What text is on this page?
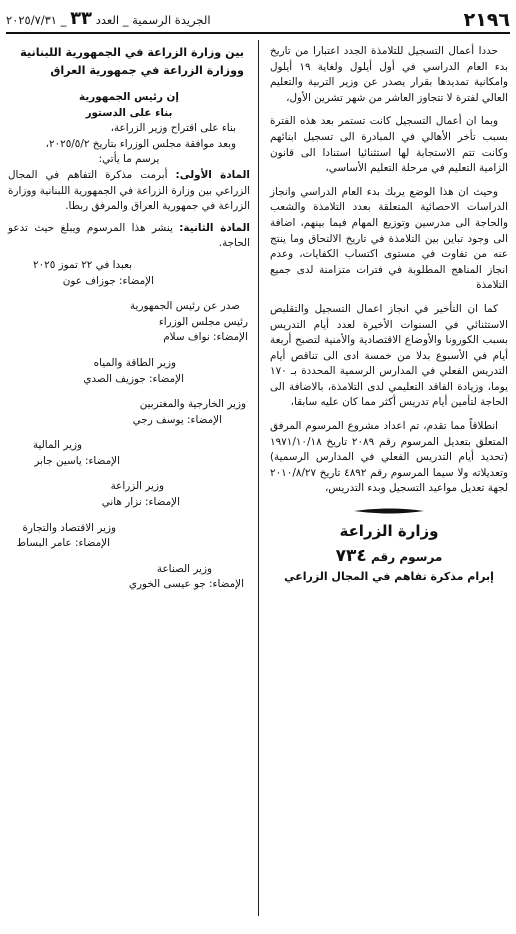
٢١٩٦
الجريدة الرسمية _ العدد ٣٣ _ ٢٠٢٥/٧/٣١

حددا أعمال التسجيل للتلامذة الجدد اعتبارا من تاريخ بدء العام الدراسي في أول أيلول ولغاية ١٩ أيلول وامكانية تمديدها بقرار يصدر عن وزير التربية والتعليم العالي لفترة لا تتجاوز العاشر من شهر تشرين الأول،

وبما ان أعمال التسجيل كانت تستمر بعد هذه الفترة بسبب تأخر الأهالي في المبادرة الى تسجيل ابنائهم وكانت تتم الاستجابة لها استثنائيا استنادا الى قانون الزامية التعليم في مرحلة التعليم الأساسي،

وحيث ان هذا الوضع يربك بدء العام الدراسي وانجاز الدراسات الاحصائية المتعلقة بعدد التلامذة والشعب والحاجة الى مدرسين وتوزيع المهام فيما بينهم، اضافة الى وجود تباين بين التلامذة في تاريخ الالتحاق وما ينتج عنه من تفاوت في مستوى اكتساب الكفايات، وعدم انجاز المناهج المطلوبة في فترات متزامنة لدى جميع التلامذة

كما ان التأخير في انجاز اعمال التسجيل والتقليص الاستثنائي في السنوات الأخيرة لعدد أيام التدريس بسبب الكورونا والأوضاع الاقتصادية والأمنية لتصبح أربعة أيام في الأسبوع بدلا من خمسة ادى الى تناقص أيام التدريس الفعلي في المدارس الرسمية المحددة بـ ١٧٠ يوما، وزيادة الفاقد التعليمي لدى التلامذة، بالاضافة الى الحاجة لتأمين أيام تدريس أكثر مما كان عليه سابقا،

انطلاقاً مما تقدم، تم اعداد مشروع المرسوم المرفق المتعلق بتعديل المرسوم رقم ٢٠٨٩ تاريخ ١٩٧١/١٠/١٨ (تحديد أيام التدريس الفعلي في المدارس الرسمية) وتعديلاته ولا سيما المرسوم رقم ٤٨٩٢ تاريخ ٢٠١٠/٨/٢٧ لجهة تعديل مواعيد التسجيل وبدء التدريس،

وزارة الزراعة
مرسوم رقم ٧٣٤
إبرام مذكرة تفاهم في المجال الزراعي
بين وزارة الزراعة في الجمهورية اللبنانية
ووزارة الزراعة في جمهورية العراق
إن رئيس الجمهورية
بناء على الدستور
بناء على اقتراح وزير الزراعة،
وبعد موافقة مجلس الوزراء بتاريخ ٢٠٢٥/٥/٢،
يرسم ما يأتي:

المادة الأولى: أبرمت مذكرة التفاهم في المجال الزراعي بين وزارة الزراعة في الجمهورية اللبنانية ووزارة الزراعة في جمهورية العراق والمرفق ربطا.

المادة الثانية: ينشر هذا المرسوم ويبلغ حيث تدعو الحاجة.

بعبدا في ٢٢ تموز ٢٠٢٥
الإمضاء: جوزاف عون
صدر عن رئيس الجمهورية
رئيس مجلس الوزراء
الإمضاء: نواف سلام
وزير الطاقة والمياه
الإمضاء: جوزيف الصدي
وزير الخارجية والمغتربين
الإمضاء: يوسف رجي
وزير المالية
الإمضاء: ياسين جابر
وزير الزراعة
الإمضاء: نزار هاني
وزير الاقتصاد والتجارة
الإمضاء: عامر البساط
وزير الصناعة
الإمضاء: جو عيسى الخوري
